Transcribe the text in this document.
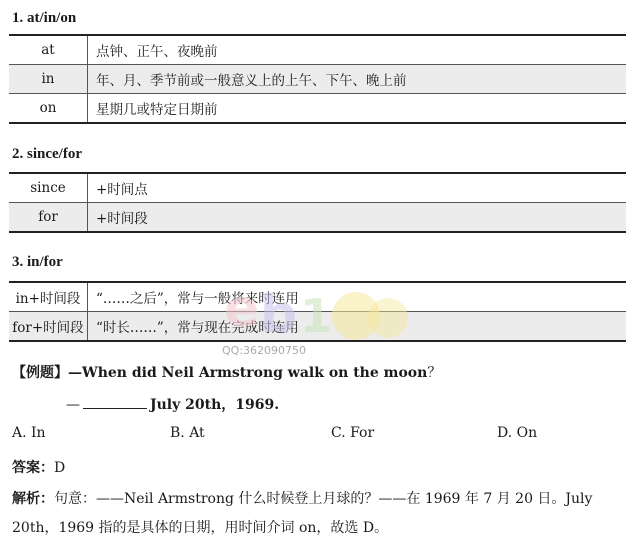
1. at/in/on
at	点钟、正午、夜晚前
in	年、月、季节前或一般意义上的上午、下午、晚上前
on	星期几或特定日期前
2. since/for
since	+时间点
for	+时间段
3. in/for
in+时间段	“……之后”，常与一般将来时连用
for+时间段	“时长……”，常与现在完成时连用
e b 1
QQ:362090750
【例题】—When did Neil Armstrong walk on the moon？
—	July 20th，1969.
A. In	B. At	C. For	D. On
答案：D
解析：句意：——Neil Armstrong 什么时候登上月球的？——在 1969 年 7 月 20 日。July
20th，1969 指的是具体的日期，用时间介词 on，故选 D。
